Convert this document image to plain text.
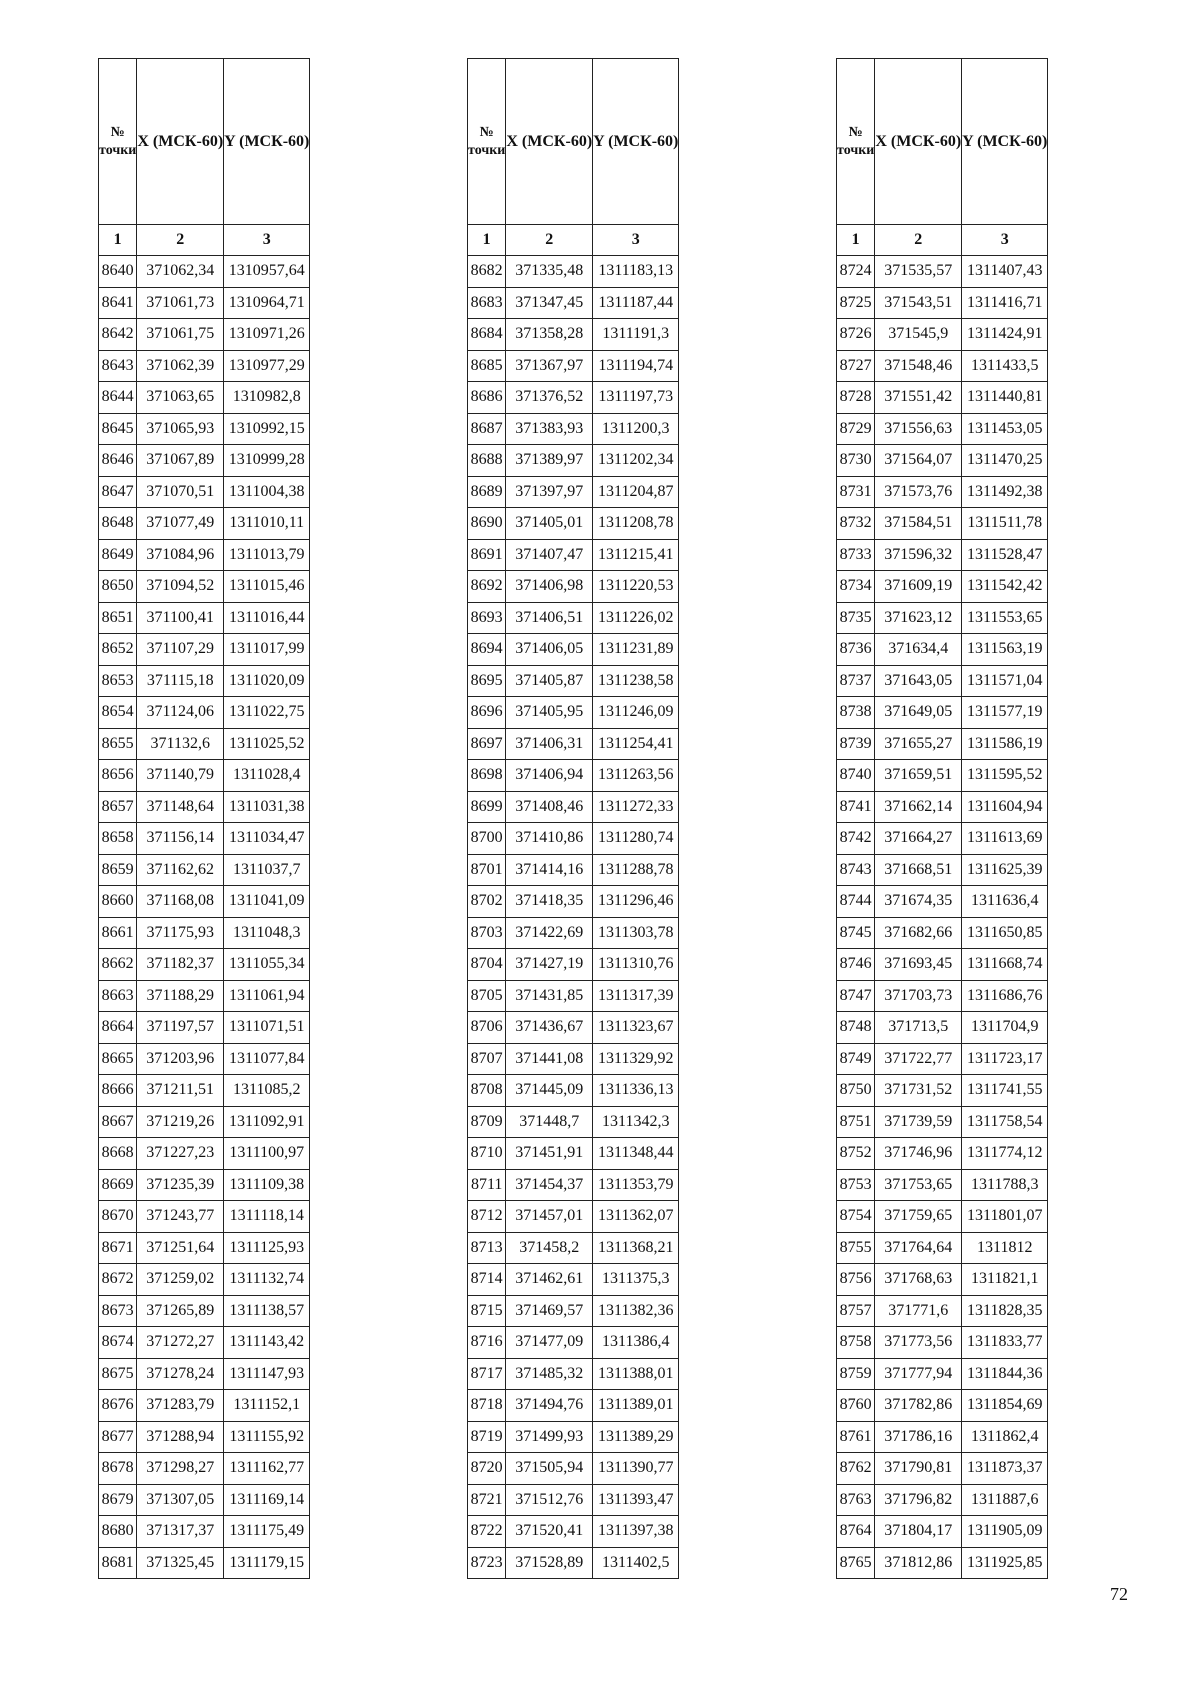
№
точки	X (МСК-60)	Y (МСК-60)
1	2	3
8640	371062,34	1310957,64
8641	371061,73	1310964,71
8642	371061,75	1310971,26
8643	371062,39	1310977,29
8644	371063,65	1310982,8
8645	371065,93	1310992,15
8646	371067,89	1310999,28
8647	371070,51	1311004,38
8648	371077,49	1311010,11
8649	371084,96	1311013,79
8650	371094,52	1311015,46
8651	371100,41	1311016,44
8652	371107,29	1311017,99
8653	371115,18	1311020,09
8654	371124,06	1311022,75
8655	371132,6	1311025,52
8656	371140,79	1311028,4
8657	371148,64	1311031,38
8658	371156,14	1311034,47
8659	371162,62	1311037,7
8660	371168,08	1311041,09
8661	371175,93	1311048,3
8662	371182,37	1311055,34
8663	371188,29	1311061,94
8664	371197,57	1311071,51
8665	371203,96	1311077,84
8666	371211,51	1311085,2
8667	371219,26	1311092,91
8668	371227,23	1311100,97
8669	371235,39	1311109,38
8670	371243,77	1311118,14
8671	371251,64	1311125,93
8672	371259,02	1311132,74
8673	371265,89	1311138,57
8674	371272,27	1311143,42
8675	371278,24	1311147,93
8676	371283,79	1311152,1
8677	371288,94	1311155,92
8678	371298,27	1311162,77
8679	371307,05	1311169,14
8680	371317,37	1311175,49
8681	371325,45	1311179,15
№
точки	X (МСК-60)	Y (МСК-60)
1	2	3
8682	371335,48	1311183,13
8683	371347,45	1311187,44
8684	371358,28	1311191,3
8685	371367,97	1311194,74
8686	371376,52	1311197,73
8687	371383,93	1311200,3
8688	371389,97	1311202,34
8689	371397,97	1311204,87
8690	371405,01	1311208,78
8691	371407,47	1311215,41
8692	371406,98	1311220,53
8693	371406,51	1311226,02
8694	371406,05	1311231,89
8695	371405,87	1311238,58
8696	371405,95	1311246,09
8697	371406,31	1311254,41
8698	371406,94	1311263,56
8699	371408,46	1311272,33
8700	371410,86	1311280,74
8701	371414,16	1311288,78
8702	371418,35	1311296,46
8703	371422,69	1311303,78
8704	371427,19	1311310,76
8705	371431,85	1311317,39
8706	371436,67	1311323,67
8707	371441,08	1311329,92
8708	371445,09	1311336,13
8709	371448,7	1311342,3
8710	371451,91	1311348,44
8711	371454,37	1311353,79
8712	371457,01	1311362,07
8713	371458,2	1311368,21
8714	371462,61	1311375,3
8715	371469,57	1311382,36
8716	371477,09	1311386,4
8717	371485,32	1311388,01
8718	371494,76	1311389,01
8719	371499,93	1311389,29
8720	371505,94	1311390,77
8721	371512,76	1311393,47
8722	371520,41	1311397,38
8723	371528,89	1311402,5
№
точки	X (МСК-60)	Y (МСК-60)
1	2	3
8724	371535,57	1311407,43
8725	371543,51	1311416,71
8726	371545,9	1311424,91
8727	371548,46	1311433,5
8728	371551,42	1311440,81
8729	371556,63	1311453,05
8730	371564,07	1311470,25
8731	371573,76	1311492,38
8732	371584,51	1311511,78
8733	371596,32	1311528,47
8734	371609,19	1311542,42
8735	371623,12	1311553,65
8736	371634,4	1311563,19
8737	371643,05	1311571,04
8738	371649,05	1311577,19
8739	371655,27	1311586,19
8740	371659,51	1311595,52
8741	371662,14	1311604,94
8742	371664,27	1311613,69
8743	371668,51	1311625,39
8744	371674,35	1311636,4
8745	371682,66	1311650,85
8746	371693,45	1311668,74
8747	371703,73	1311686,76
8748	371713,5	1311704,9
8749	371722,77	1311723,17
8750	371731,52	1311741,55
8751	371739,59	1311758,54
8752	371746,96	1311774,12
8753	371753,65	1311788,3
8754	371759,65	1311801,07
8755	371764,64	1311812
8756	371768,63	1311821,1
8757	371771,6	1311828,35
8758	371773,56	1311833,77
8759	371777,94	1311844,36
8760	371782,86	1311854,69
8761	371786,16	1311862,4
8762	371790,81	1311873,37
8763	371796,82	1311887,6
8764	371804,17	1311905,09
8765	371812,86	1311925,85
72
